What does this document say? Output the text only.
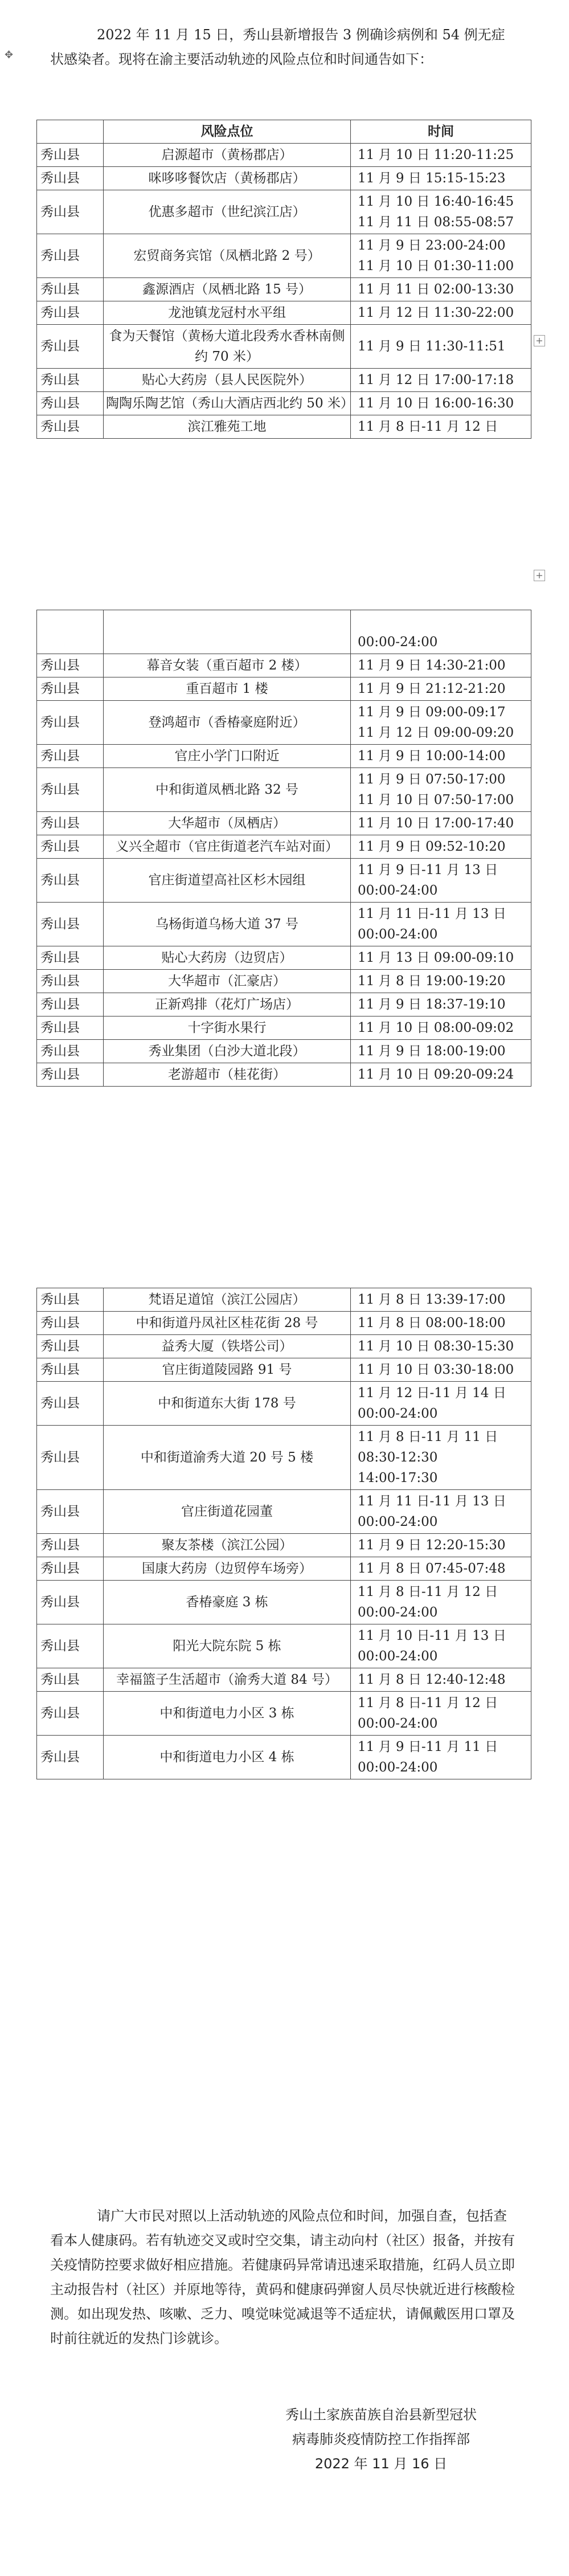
2022 年 11 月 15 日，秀山县新增报告 3 例确诊病例和 54 例无症状感染者。现将在渝主要活动轨迹的风险点位和时间通告如下：
✥
	风险点位	时间
秀山县	启源超市（黄杨郡店）	11 月 10 日 11:20-11:25

秀山县	咪哆哆餐饮店（黄杨郡店）	11 月 9 日 15:15-15:23

秀山县	优惠多超市（世纪滨江店）	11 月 10 日 16:40-16:45
11 月 11 日 08:55-08:57

秀山县	宏贸商务宾馆（凤栖北路 2 号）	11 月 9 日 23:00-24:00
11 月 10 日 01:30-11:00

秀山县	鑫源酒店（凤栖北路 15 号）	11 月 11 日 02:00-13:30

秀山县	龙池镇龙冠村水平组	11 月 12 日 11:30-22:00

秀山县	食为天餐馆（黄杨大道北段秀水香林南侧约 70 米）	11 月 9 日 11:30-11:51

秀山县	贴心大药房（县人民医院外）	11 月 12 日 17:00-17:18

秀山县	陶陶乐陶艺馆（秀山大酒店西北约 50 米）	11 月 10 日 16:00-16:30

秀山县	滨江雅苑工地	11 月 8 日-11 月 12 日
+
+

		00:00-24:00

秀山县	幕音女装（重百超市 2 楼）	11 月 9 日 14:30-21:00

秀山县	重百超市 1 楼	11 月 9 日 21:12-21:20

秀山县	登鸿超市（香椿豪庭附近）	11 月 9 日 09:00-09:17
11 月 12 日 09:00-09:20

秀山县	官庄小学门口附近	11 月 9 日 10:00-14:00

秀山县	中和街道凤栖北路 32 号	11 月 9 日 07:50-17:00
11 月 10 日 07:50-17:00

秀山县	大华超市（凤栖店）	11 月 10 日 17:00-17:40

秀山县	义兴全超市（官庄街道老汽车站对面）	11 月 9 日 09:52-10:20

秀山县	官庄街道望高社区杉木园组	11 月 9 日-11 月 13 日
00:00-24:00

秀山县	乌杨街道乌杨大道 37 号	11 月 11 日-11 月 13 日
00:00-24:00

秀山县	贴心大药房（边贸店）	11 月 13 日 09:00-09:10

秀山县	大华超市（汇豪店）	11 月 8 日 19:00-19:20

秀山县	正新鸡排（花灯广场店）	11 月 9 日 18:37-19:10

秀山县	十字街水果行	11 月 10 日 08:00-09:02

秀山县	秀业集团（白沙大道北段）	11 月 9 日 18:00-19:00

秀山县	老游超市（桂花街）	11 月 10 日 09:20-09:24
秀山县	梵语足道馆（滨江公园店）	11 月 8 日 13:39-17:00

秀山县	中和街道丹凤社区桂花街 28 号	11 月 8 日 08:00-18:00

秀山县	益秀大厦（铁塔公司）	11 月 10 日 08:30-15:30

秀山县	官庄街道陵园路 91 号	11 月 10 日 03:30-18:00

秀山县	中和街道东大街 178 号	11 月 12 日-11 月 14 日
00:00-24:00

秀山县	中和街道渝秀大道 20 号 5 楼	11 月 8 日-11 月 11 日
08:30-12:30
14:00-17:30

秀山县	官庄街道花园董	11 月 11 日-11 月 13 日
00:00-24:00

秀山县	聚友茶楼（滨江公园）	11 月 9 日 12:20-15:30

秀山县	国康大药房（边贸停车场旁）	11 月 8 日 07:45-07:48

秀山县	香椿豪庭 3 栋	11 月 8 日-11 月 12 日
00:00-24:00

秀山县	阳光大院东院 5 栋	11 月 10 日-11 月 13 日
00:00-24:00

秀山县	幸福篮子生活超市（渝秀大道 84 号）	11 月 8 日 12:40-12:48

秀山县	中和街道电力小区 3 栋	11 月 8 日-11 月 12 日
00:00-24:00

秀山县	中和街道电力小区 4 栋	11 月 9 日-11 月 11 日
00:00-24:00
请广大市民对照以上活动轨迹的风险点位和时间，加强自查，包括查看本人健康码。若有轨迹交叉或时空交集，请主动向村（社区）报备，并按有关疫情防控要求做好相应措施。若健康码异常请迅速采取措施，红码人员立即主动报告村（社区）并原地等待，黄码和健康码弹窗人员尽快就近进行核酸检测。如出现发热、咳嗽、乏力、嗅觉味觉减退等不适症状，请佩戴医用口罩及时前往就近的发热门诊就诊。
秀山土家族苗族自治县新型冠状
病毒肺炎疫情防控工作指挥部
2022 年 11 月 16 日
